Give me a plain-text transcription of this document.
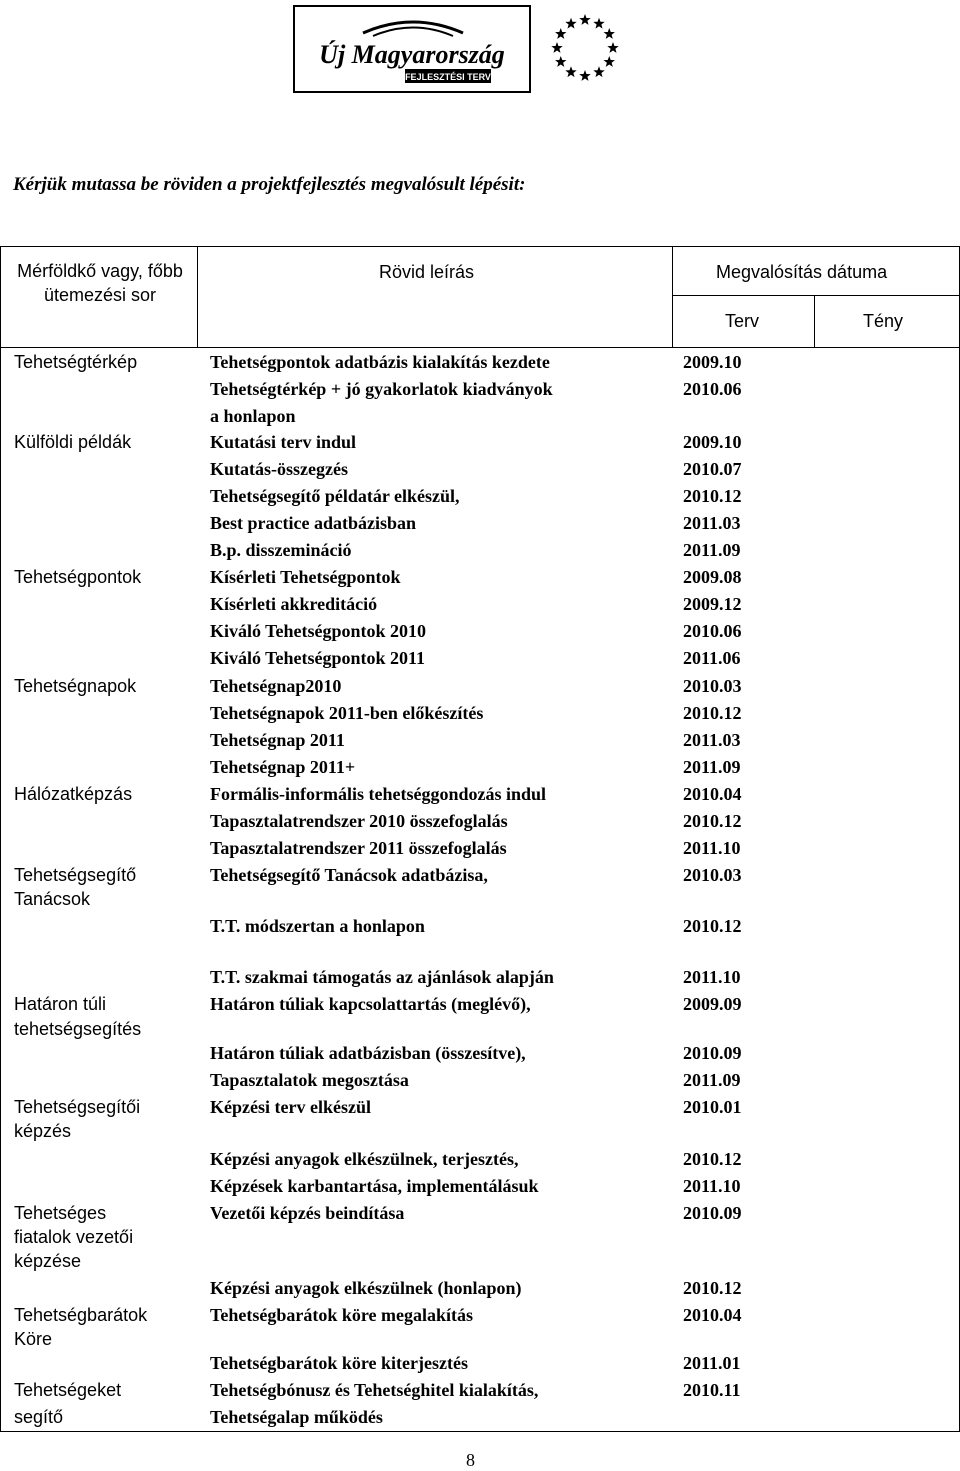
Új Magyarország
FEJLESZTÉSI TERV
Kérjük mutassa be röviden a projektfejlesztés megvalósult lépésit:
Mérföldkő vagy, főbb ütemezési sor
Rövid leírás	Megvalósítás dátuma
Terv	Tény
Tehetségtérkép	Tehetségpontok adatbázis kialakítás kezdete	2009.10
Tehetségtérkép + jó gyakorlatok kiadványok	2010.06
a honlapon
Külföldi példák	Kutatási terv indul	2009.10
Kutatás-összegzés	2010.07
Tehetségsegítő példatár elkészül,	2010.12
Best practice adatbázisban	2011.03
B.p. disszemináció	2011.09
Tehetségpontok	Kísérleti Tehetségpontok	2009.08
Kísérleti akkreditáció	2009.12
Kiváló Tehetségpontok 2010	2010.06
Kiváló Tehetségpontok 2011	2011.06
Tehetségnapok	Tehetségnap2010	2010.03
Tehetségnapok 2011-ben előkészítés	2010.12
Tehetségnap 2011	2011.03
Tehetségnap 2011+	2011.09
Hálózatképzás	Formális-informális tehetséggondozás indul	2010.04
Tapasztalatrendszer 2010 összefoglalás	2010.12
Tapasztalatrendszer 2011 összefoglalás	2011.10
Tehetségsegítő	Tehetségsegítő Tanácsok adatbázisa,	2010.03
Tanácsok
T.T. módszertan a honlapon	2010.12
T.T. szakmai támogatás az ajánlások alapján	2011.10
Határon túli	Határon túliak kapcsolattartás (meglévő),	2009.09
tehetségsegítés
Határon túliak adatbázisban (összesítve),	2010.09
Tapasztalatok megosztása	2011.09
Tehetségsegítői	Képzési terv elkészül	2010.01
képzés
Képzési anyagok elkészülnek, terjesztés,	2010.12
Képzések karbantartása, implementálásuk	2011.10
Tehetséges	Vezetői képzés beindítása	2010.09
fiatalok vezetői
képzése
Képzési anyagok elkészülnek (honlapon)	2010.12
Tehetségbarátok	Tehetségbarátok köre megalakítás	2010.04
Köre
Tehetségbarátok köre kiterjesztés	2011.01
Tehetségeket	Tehetségbónusz és Tehetséghitel kialakítás,	2010.11
segítő	Tehetségalap működés
8
